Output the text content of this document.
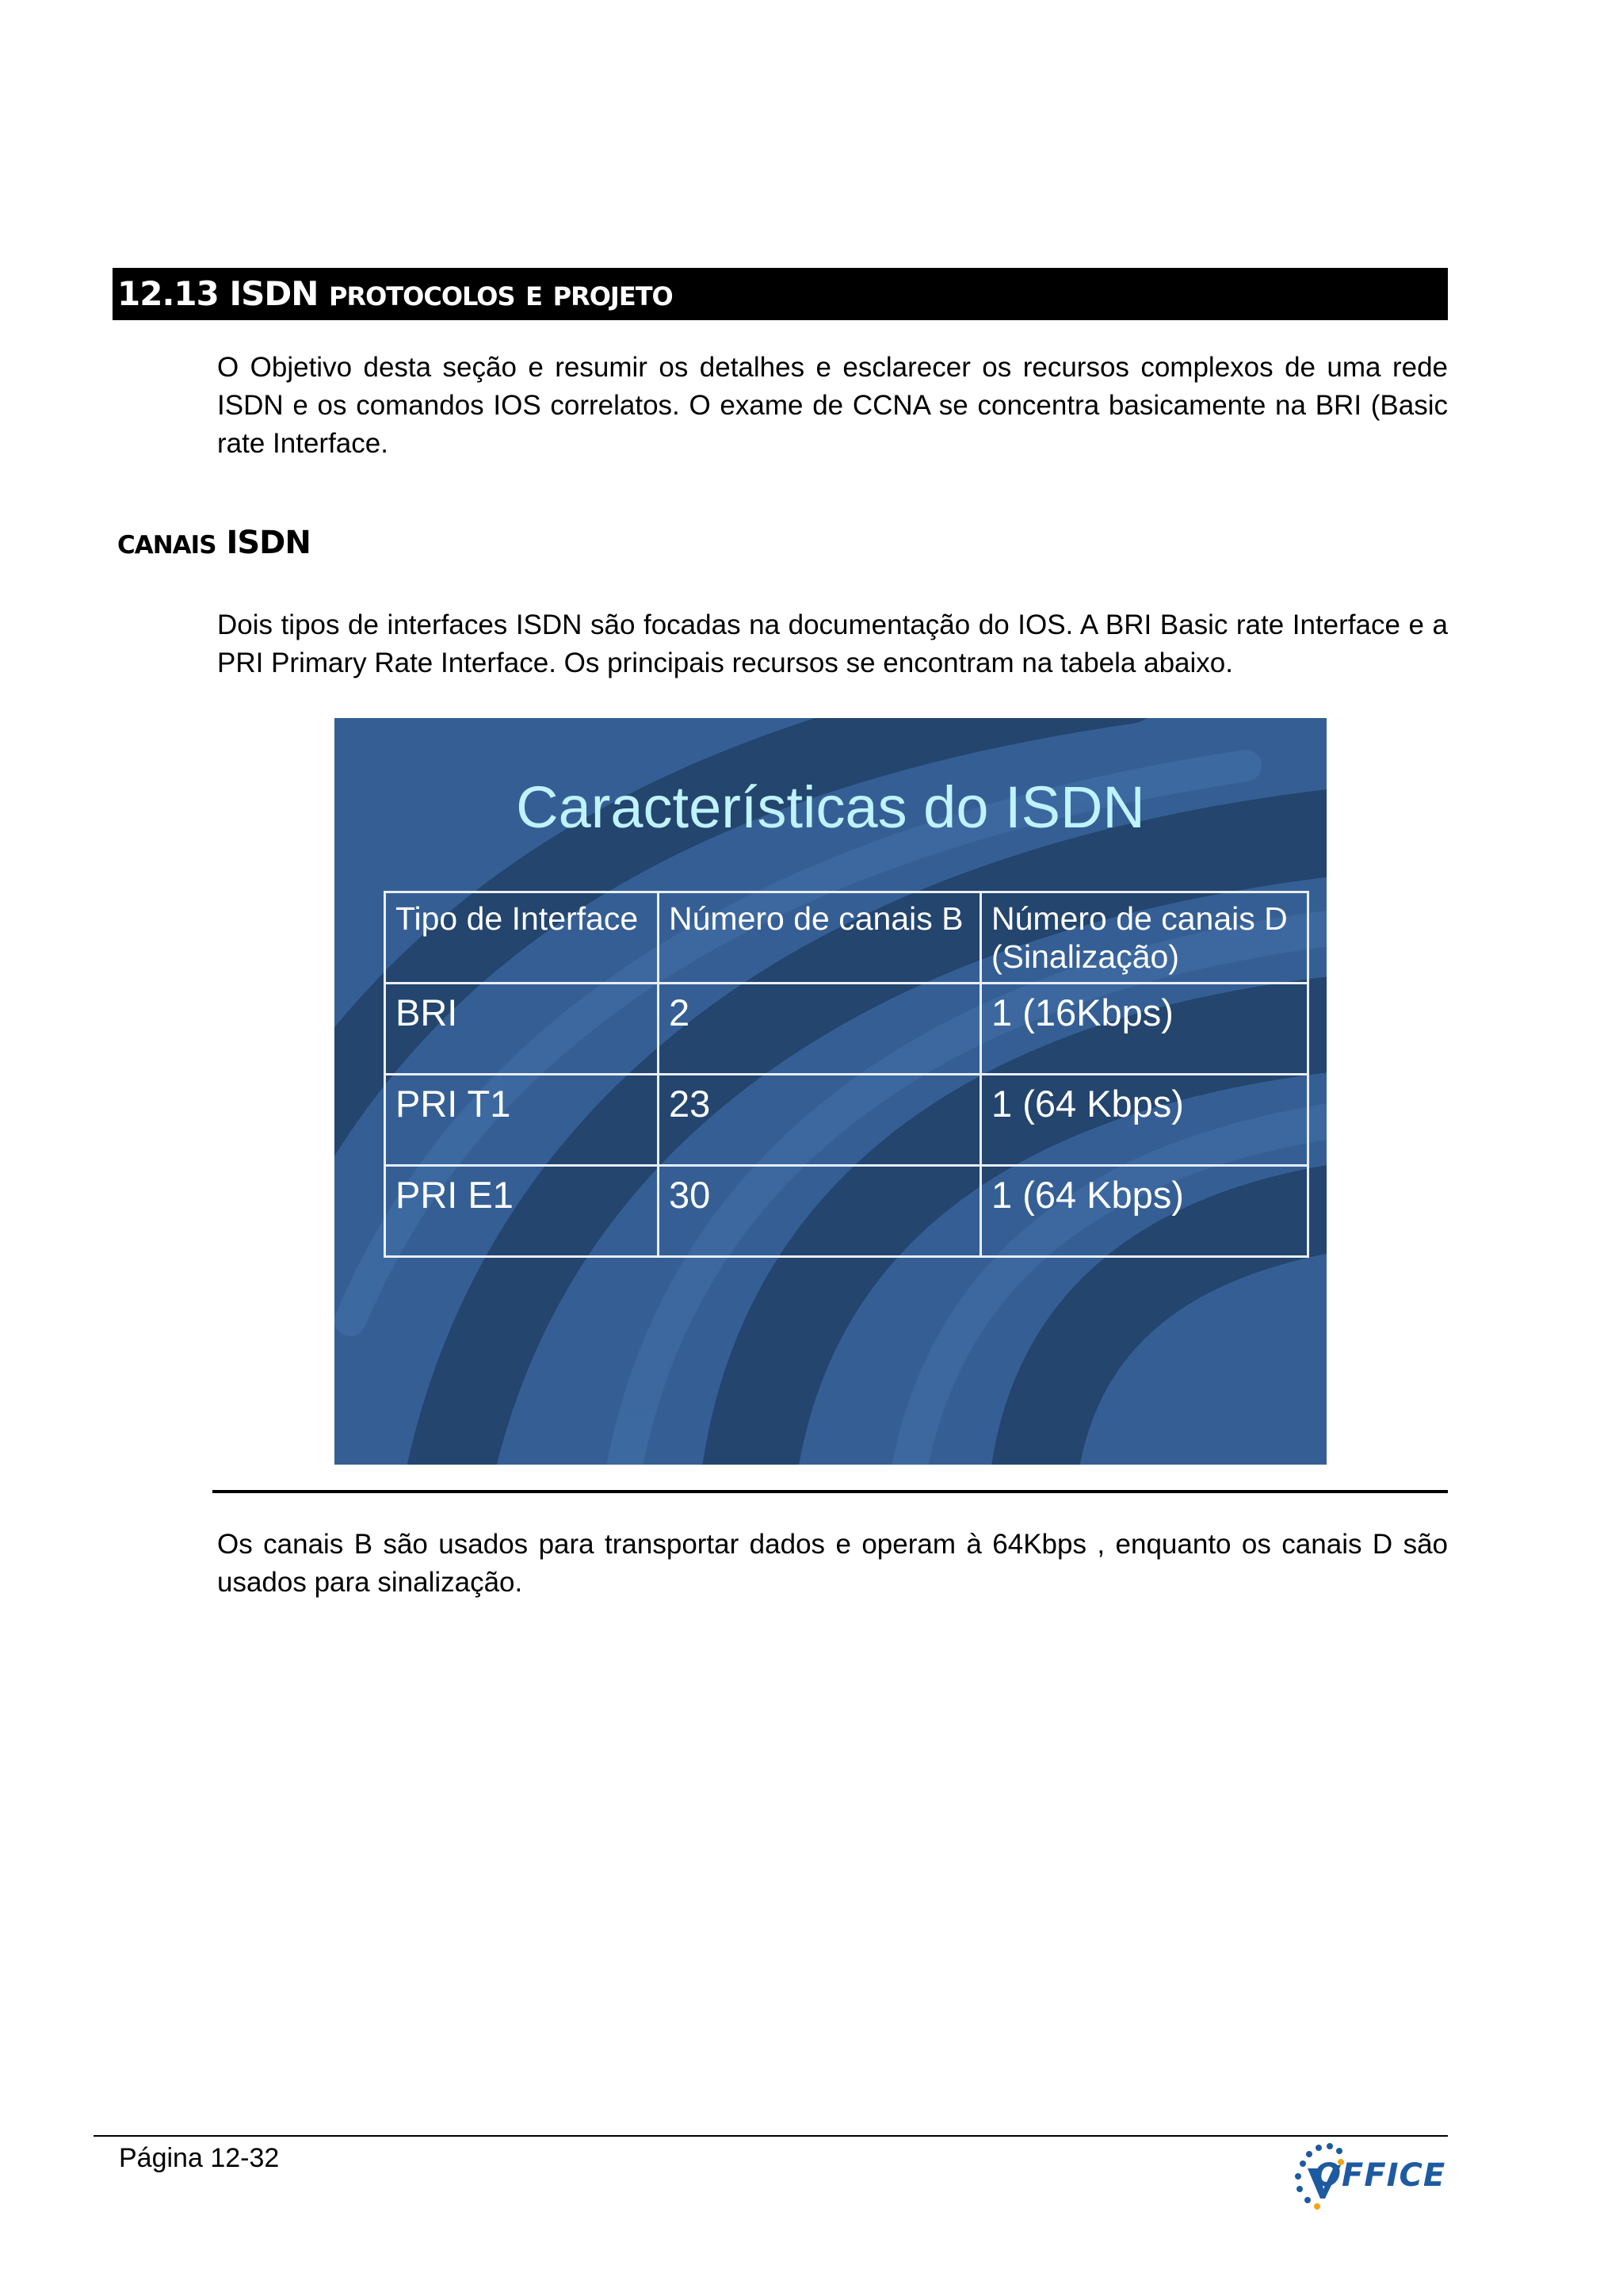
12.13 ISDN PROTOCOLOS E PROJETO
O Objetivo desta seção e resumir os detalhes e esclarecer os recursos complexos de uma rede ISDN e os comandos IOS correlatos. O exame de CCNA se concentra basicamente na BRI (Basic rate Interface.
CANAIS ISDN
Dois tipos de interfaces ISDN são focadas na documentação do IOS. A BRI Basic rate Interface e a PRI Primary Rate Interface. Os principais recursos se encontram na tabela abaixo.
Características do ISDN
Tipo de Interface	Número de canais B	Número de canais D (Sinalização)
BRI	2	1 (16Kbps)
PRI T1	23	1 (64 Kbps)
PRI E1	30	1 (64 Kbps)
Os canais B são usados para transportar dados e operam à 64Kbps , enquanto os canais D são usados para sinalização.
Página 12-32	OFFICE
